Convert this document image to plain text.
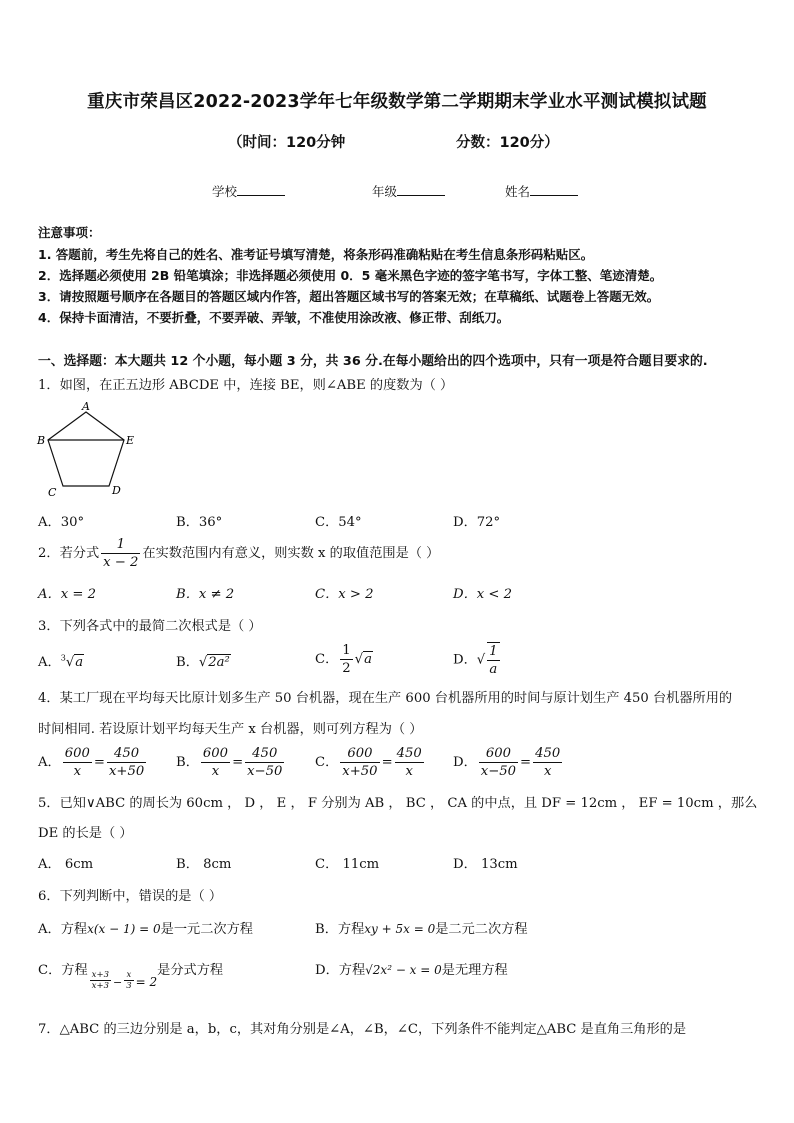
重庆市荣昌区2022-2023学年七年级数学第二学期期末学业水平测试模拟试题
（时间：120分钟	分数：120分）
学校	年级	姓名
注意事项：
1. 答题前，考生先将自己的姓名、准考证号填写清楚，将条形码准确粘贴在考生信息条形码粘贴区。
2．选择题必须使用 2B 铅笔填涂；非选择题必须使用 0．5 毫米黑色字迹的签字笔书写，字体工整、笔迹清楚。
3．请按照题号顺序在各题目的答题区域内作答，超出答题区域书写的答案无效；在草稿纸、试题卷上答题无效。
4．保持卡面清洁，不要折叠，不要弄破、弄皱，不准使用涂改液、修正带、刮纸刀。
一、选择题：本大题共 12 个小题，每小题 3 分，共 36 分.在每小题给出的四个选项中，只有一项是符合题目要求的.
1．如图，在正五边形 ABCDE 中，连接 BE，则∠ABE 的度数为（ ）
A
B
C	D
E
A．30°	B．36°	C．54°	D．72°
2．若分式 $\frac{1}{x - 2}$ 在实数范围内有意义，则实数 x 的取值范围是（ ）
A．x = 2	B．x ≠ 2	C．x > 2	D．x < 2
3．下列各式中的最简二次根式是（ ）
A．$^3$√a	B．√2a²	C． $\frac{1}{2} √a$	D．√ $\frac{1}{a}$
4．某工厂现在平均每天比原计划多生产 50 台机器，现在生产 600 台机器所用的时间与原计划生产 450 台机器所用的
时间相同. 若设原计划平均每天生产 x 台机器，则可列方程为（ ）
A． $\frac{600}{x} = \frac{450}{x+50}$ B． $\frac{600}{x} = \frac{450}{x-50}$ C． $\frac{600}{x+50} = \frac{450}{x}$ D． $\frac{600}{x-50} = \frac{450}{x}$
5．已知∨ABC 的周长为 60cm ， D ， E ， F 分别为 AB ， BC ， CA 的中点，且 DF = 12cm ， EF = 10cm ，那么
DE 的长是（ ）
A． 6cm	B． 8cm	C． 11cm	D． 13cm
6．下列判断中，错误的是（ ）
A．方程x(x − 1) = 0是一元二次方程	B．方程xy + 5x = 0是二元二次方程
C．方程 $\frac{x+3}{x+3} _- \frac{x}{3} = 2$是分式方程	D．方程√2x² − x = 0是无理方程
7．△ABC 的三边分别是 a，b，c，其对角分别是∠A，∠B，∠C，下列条件不能判定△ABC 是直角三角形的是
